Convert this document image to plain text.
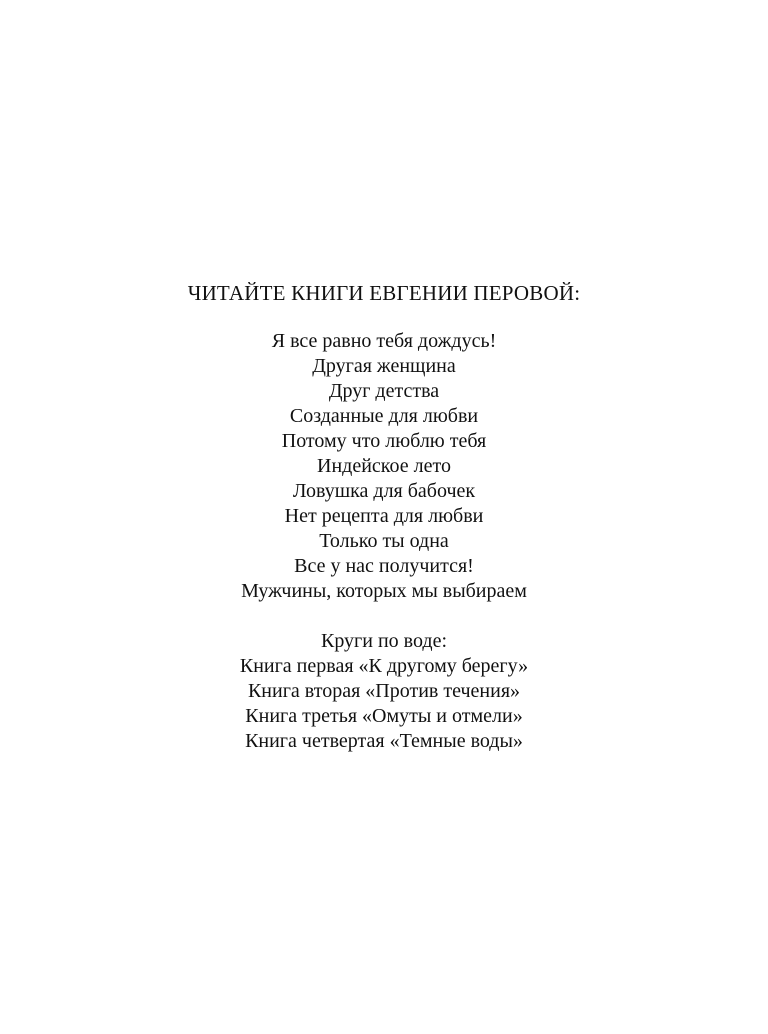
ЧИТАЙТЕ КНИГИ ЕВГЕНИИ ПЕРОВОЙ:
Я все равно тебя дождусь!
Другая женщина
Друг детства
Созданные для любви
Потому что люблю тебя
Индейское лето
Ловушка для бабочек
Нет рецепта для любви
Только ты одна
Все у нас получится!
Мужчины, которых мы выбираем
Круги по воде:
Книга первая «К другому берегу»
Книга вторая «Против течения»
Книга третья «Омуты и отмели»
Книга четвертая «Темные воды»
